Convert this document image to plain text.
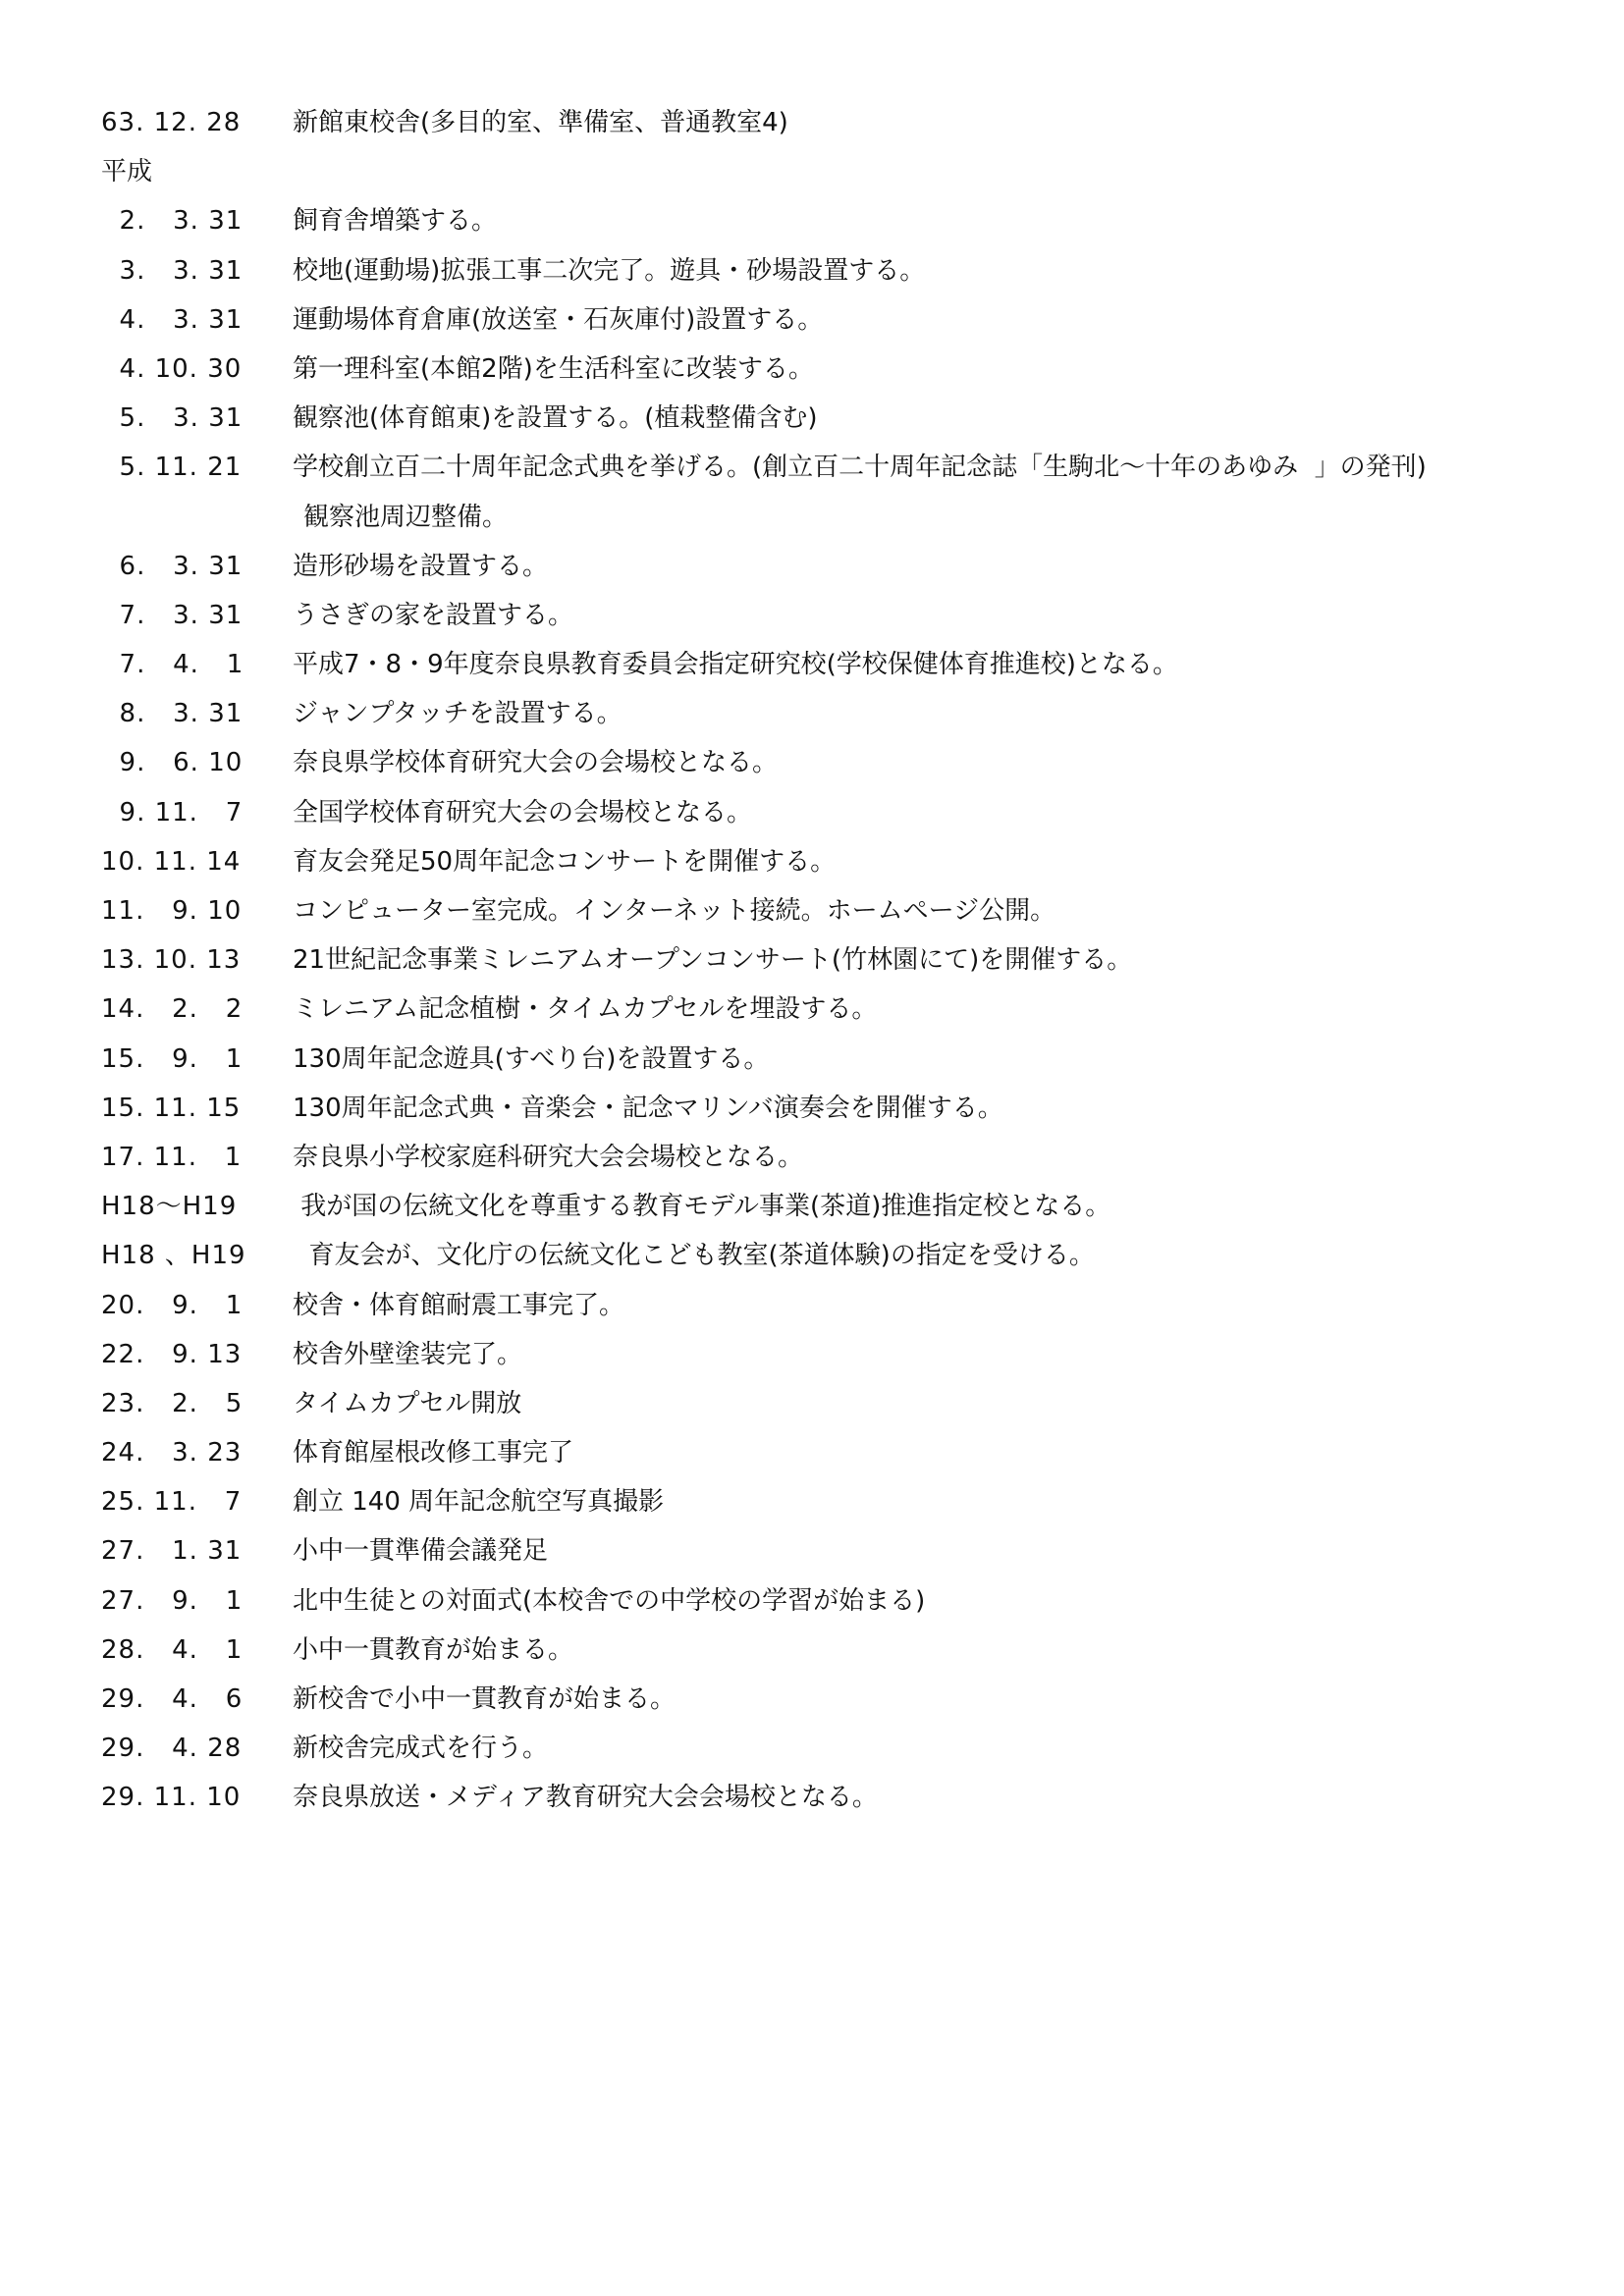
63. 12. 28	新館東校舎(多目的室、準備室、普通教室4)
平成
2.   3. 31	飼育舎増築する。
3.   3. 31	校地(運動場)拡張工事二次完了。遊具・砂場設置する。
4.   3. 31	運動場体育倉庫(放送室・石灰庫付)設置する。
4. 10. 30	第一理科室(本館2階)を生活科室に改装する。
5.   3. 31	観察池(体育館東)を設置する。(植栽整備含む)
5. 11. 21	学校創立百二十周年記念式典を挙げる。(創立百二十周年記念誌「生駒北〜十年のあゆみ  」の発刊)
観察池周辺整備。
6.   3. 31	造形砂場を設置する。
7.   3. 31	うさぎの家を設置する。
7.   4.   1	平成7・8・9年度奈良県教育委員会指定研究校(学校保健体育推進校)となる。
8.   3. 31	ジャンプタッチを設置する。
9.   6. 10	奈良県学校体育研究大会の会場校となる。
9. 11.   7	全国学校体育研究大会の会場校となる。
10. 11. 14	育友会発足50周年記念コンサートを開催する。
11.   9. 10	コンピューター室完成。インターネット接続。ホームページ公開。
13. 10. 13	21世紀記念事業ミレニアムオープンコンサート(竹林園にて)を開催する。
14.   2.   2	ミレニアム記念植樹・タイムカプセルを埋設する。
15.   9.   1	130周年記念遊具(すべり台)を設置する。
15. 11. 15	130周年記念式典・音楽会・記念マリンバ演奏会を開催する。
17. 11.   1	奈良県小学校家庭科研究大会会場校となる。
H18〜H19	我が国の伝統文化を尊重する教育モデル事業(茶道)推進指定校となる。
H18 、H19	育友会が、文化庁の伝統文化こども教室(茶道体験)の指定を受ける。
20.   9.   1	校舎・体育館耐震工事完了。
22.   9. 13	校舎外壁塗装完了。
23.   2.   5	タイムカプセル開放
24.   3. 23	体育館屋根改修工事完了
25. 11.   7	創立 140 周年記念航空写真撮影
27.   1. 31	小中一貫準備会議発足
27.   9.   1	北中生徒との対面式(本校舎での中学校の学習が始まる)
28.   4.   1	小中一貫教育が始まる。
29.   4.   6	新校舎で小中一貫教育が始まる。
29.   4. 28	新校舎完成式を行う。
29. 11. 10	奈良県放送・メディア教育研究大会会場校となる。
